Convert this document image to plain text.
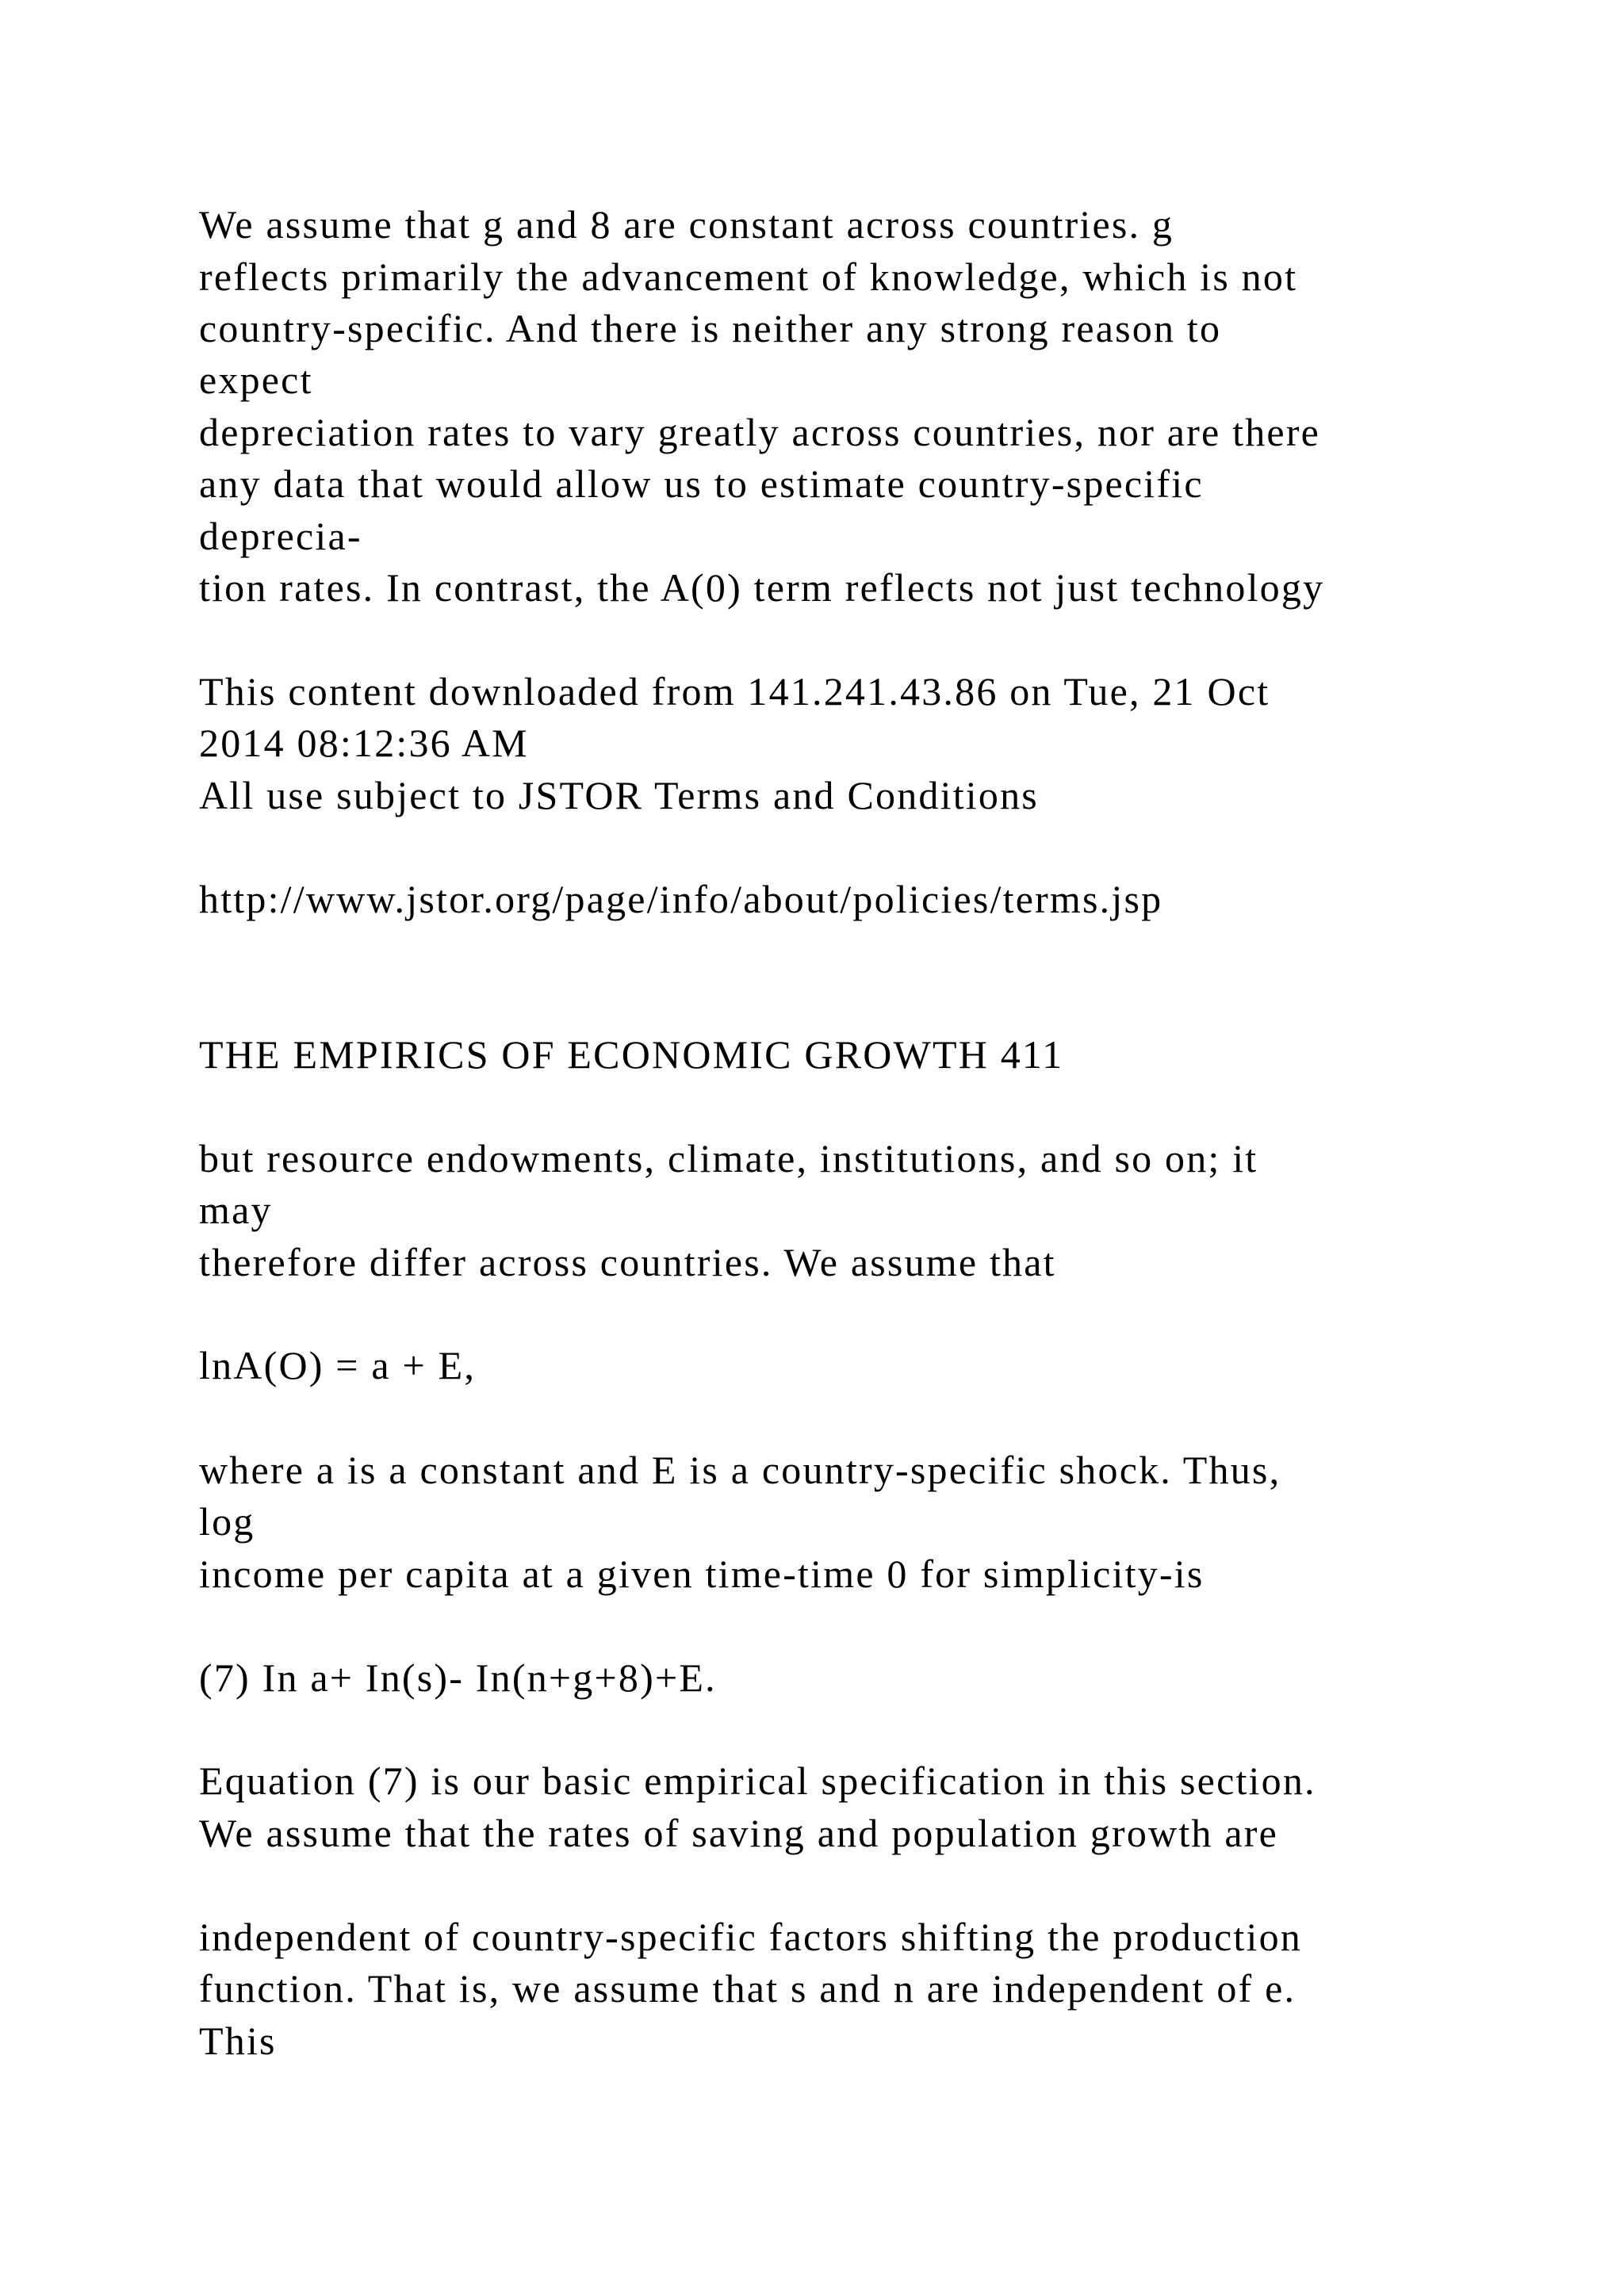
We assume that g and 8 are constant across countries. g

reflects primarily the advancement of knowledge, which is not

country-specific. And there is neither any strong reason to

expect

depreciation rates to vary greatly across countries, nor are there

any data that would allow us to estimate country-specific

deprecia-

tion rates. In contrast, the A(0) term reflects not just technology

This content downloaded from 141.241.43.86 on Tue, 21 Oct

2014 08:12:36 AM

All use subject to JSTOR Terms and Conditions

http://www.jstor.org/page/info/about/policies/terms.jsp

THE EMPIRICS OF ECONOMIC GROWTH 411

but resource endowments, climate, institutions, and so on; it

may

therefore differ across countries. We assume that

lnA(O) = a + E,

where a is a constant and E is a country-specific shock. Thus,

log

income per capita at a given time-time 0 for simplicity-is

(7) In a+ In(s)- In(n+g+8)+E.

Equation (7) is our basic empirical specification in this section.

We assume that the rates of saving and population growth are

independent of country-specific factors shifting the production

function. That is, we assume that s and n are independent of e.

This
